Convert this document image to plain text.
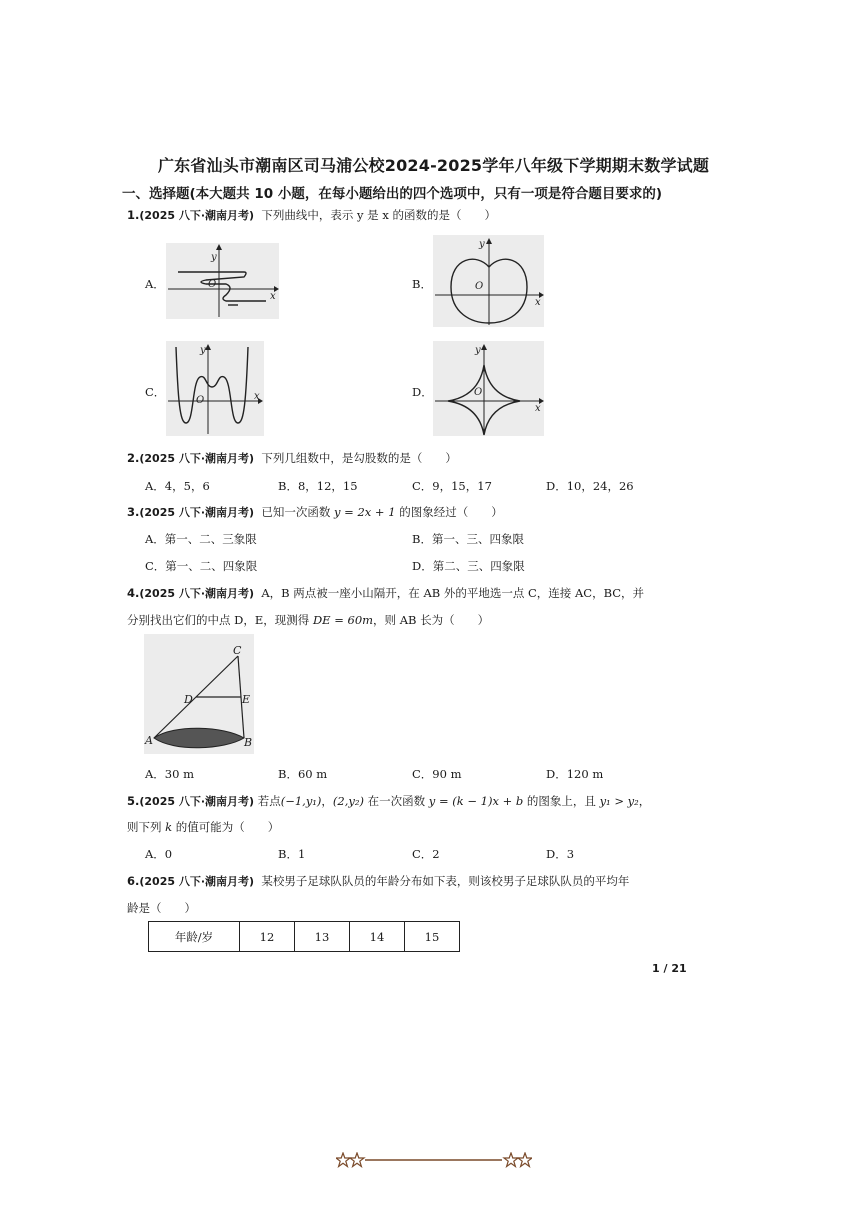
广东省汕头市潮南区司马浦公校2024-2025学年八年级下学期期末数学试题
一、选择题(本大题共 10 小题，在每小题给出的四个选项中，只有一项是符合题目要求的)
1.(2025 八下·潮南月考) 下列曲线中，表示 y 是 x 的函数的是（　　）
A．
y
x
O	B．
y
x
O
C．
y
x
O
D．
y
x
O
2.(2025 八下·潮南月考) 下列几组数中，是勾股数的是（　　）
A．4，5，6	B．8，12，15	C．9，15，17	D．10，24，26
3.(2025 八下·潮南月考) 已知一次函数 y = 2x + 1 的图象经过（　　）
A．第一、二、三象限	B．第一、三、四象限
C．第一、二、四象限	D．第二、三、四象限
4.(2025 八下·潮南月考) A，B 两点被一座小山隔开，在 AB 外的平地选一点 C，连接 AC，BC，并
分别找出它们的中点 D，E，现测得 DE = 60m，则 AB 长为（　　）
C
D	E
A	B
A．30 m	B．60 m	C．90 m	D．120 m
5.(2025 八下·潮南月考) 若点(−1,y₁)，(2,y₂) 在一次函数 y = (k − 1)x + b 的图象上，且 y₁ > y₂，
则下列 k 的值可能为（　　）
A．0	B．1	C．2	D．3
6.(2025 八下·潮南月考) 某校男子足球队队员的年龄分布如下表，则该校男子足球队队员的平均年
龄是（　　）
年龄/岁	12	13	14	15
1 / 21
